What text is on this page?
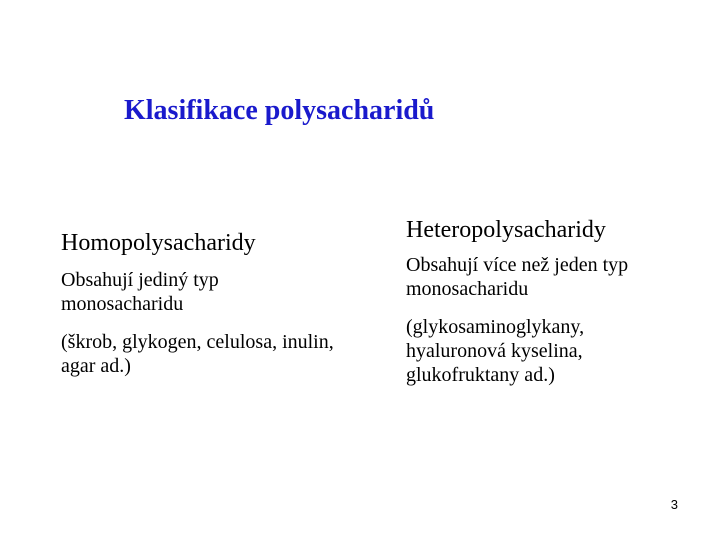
Klasifikace polysacharidů
Homopolysacharidy
Obsahují jediný typ monosacharidu
(škrob, glykogen, celulosa, inulin, agar ad.)
Heteropolysacharidy
Obsahují více než jeden typ monosacharidu
(glykosaminoglykany, hyaluronová kyselina, glukofruktany ad.)
3
